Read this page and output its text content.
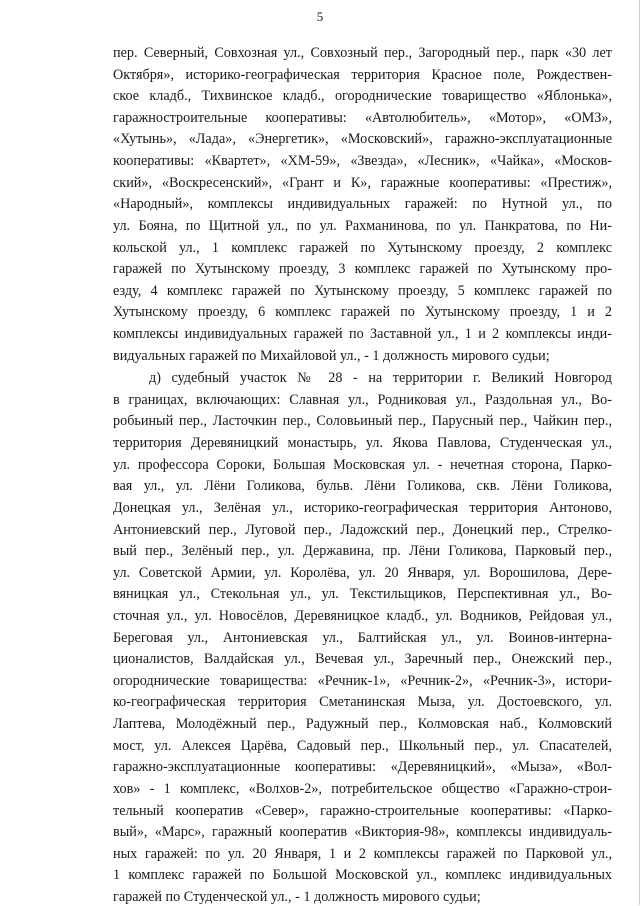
5
пер. Северный, Совхозная ул., Совхозный пер., Загородный пер., парк «30 лет
Октября», историко-географическая территория Красное поле, Рождествен-
ское кладб., Тихвинское кладб., огороднические товарищество «Яблонька»,
гаражностроительные кооперативы: «Автолюбитель», «Мотор», «ОМЗ»,
«Хутынь», «Лада», «Энергетик», «Московский», гаражно-эксплуатационные
кооперативы: «Квартет», «ХМ-59», «Звезда», «Лесник», «Чайка», «Москов-
ский», «Воскресенский», «Грант и К», гаражные кооперативы: «Престиж»,
«Народный», комплексы индивидуальных гаражей: по Нутной ул., по
ул. Бояна, по Щитной ул., по ул. Рахманинова, по ул. Панкратова, по Ни-
кольской ул., 1 комплекс гаражей по Хутынскому проезду, 2 комплекс
гаражей по Хутынскому проезду, 3 комплекс гаражей по Хутынскому про-
езду, 4 комплекс гаражей по Хутынскому проезду, 5 комплекс гаражей по
Хутынскому проезду, 6 комплекс гаражей по Хутынскому проезду, 1 и 2
комплексы индивидуальных гаражей по Заставной ул., 1 и 2 комплексы инди-
видуальных гаражей по Михайловой ул., - 1 должность мирового судьи;
д) судебный участок № 28 - на территории г. Великий Новгород
в границах, включающих: Славная ул., Родниковая ул., Раздольная ул., Во-
робьиный пер., Ласточкин пер., Соловьиный пер., Парусный пер., Чайкин пер.,
территория Деревяницкий монастырь, ул. Якова Павлова, Студенческая ул.,
ул. профессора Сороки, Большая Московская ул. - нечетная сторона, Парко-
вая ул., ул. Лёни Голикова, бульв. Лёни Голикова, скв. Лёни Голикова,
Донецкая ул., Зелёная ул., историко-географическая территория Антоново,
Антониевский пер., Луговой пер., Ладожский пер., Донецкий пер., Стрелко-
вый пер., Зелёный пер., ул. Державина, пр. Лёни Голикова, Парковый пер.,
ул. Советской Армии, ул. Королёва, ул. 20 Января, ул. Ворошилова, Дере-
вяницкая ул., Стекольная ул., ул. Текстильщиков, Перспективная ул., Во-
сточная ул., ул. Новосёлов, Деревяницкое кладб., ул. Водников, Рейдовая ул.,
Береговая ул., Антониевская ул., Балтийская ул., ул. Воинов-интерна-
ционалистов, Валдайская ул., Вечевая ул., Заречный пер., Онежский пер.,
огороднические товарищества: «Речник-1», «Речник-2», «Речник-3», истори-
ко-географическая территория Сметанинская Мыза, ул. Достоевского, ул.
Лаптева, Молодёжный пер., Радужный пер., Колмовская наб., Колмовский
мост, ул. Алексея Царёва, Садовый пер., Школьный пер., ул. Спасателей,
гаражно-эксплуатационные кооперативы: «Деревяницкий», «Мыза», «Вол-
хов» - 1 комплекс, «Волхов-2», потребительское общество «Гаражно-строи-
тельный кооператив «Север», гаражно-строительные кооперативы: «Парко-
вый», «Марс», гаражный кооператив «Виктория-98», комплексы индивидуаль-
ных гаражей: по ул. 20 Января, 1 и 2 комплексы гаражей по Парковой ул.,
1 комплекс гаражей по Большой Московской ул., комплекс индивидуальных
гаражей по Студенческой ул., - 1 должность мирового судьи;
